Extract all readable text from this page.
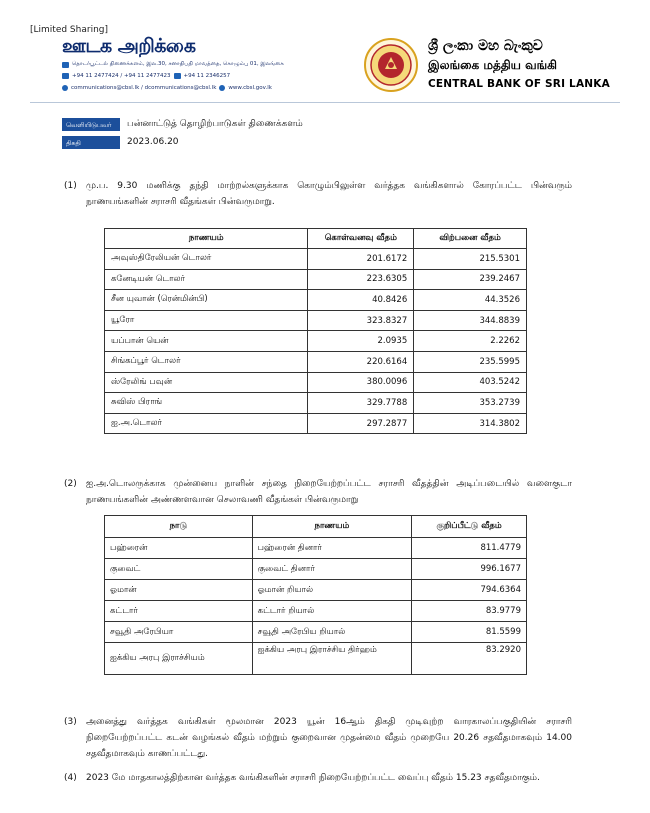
[Limited Sharing]
ஊடக அறிக்கை
தொடர்பூட்டல் திணைக்களம், இல.30, சனாதிபதி மாவத்தை, கொழும்பு 01, இலங்கை
+94 11 2477424 / +94 11 2477423 +94 11 2346257
communications@cbsl.lk / dcommunications@cbsl.lk www.cbsl.gov.lk
ශ්‍රී ලංකා මහ බැංකුව
இலங்கை மத்திய வங்கி
CENTRAL BANK OF SRI LANKA
வெளியிடுபவர்	பன்னாட்டுத் தொழிற்பாடுகள் திணைக்களம்
திகதி	2023.06.20
(1)	மு.ப. 9.30 மணிக்கு தந்தி மாற்றல்களுக்காக கொழும்பிலுள்ள வர்த்தக வங்கிகளால் கோரப்பட்ட பின்வரும் நாணயங்களின் சராசரி வீதங்கள் பின்வருமாறு.
நாணயம்	கொள்வனவு வீதம்	விற்பனை வீதம்
அவுஸ்திரேலியன் டொலர்	201.6172	215.5301
கனேடியன் டொலர்	223.6305	239.2467
சீன யுவான் (ரென்மின்பி)	40.8426	44.3526
யூரோ	323.8327	344.8839
யப்பான் யென்	2.0935	2.2262
சிங்கப்பூர் டொலர்	220.6164	235.5995
ஸ்ரேலிங் பவுன்	380.0096	403.5242
சுவிஸ் பிராங்	329.7788	353.2739
ஐ.அ.டொலர்	297.2877	314.3802
(2)	ஐ.அ.டொலருக்காக முன்னைய நாளின் சந்தை நிறையேற்றப்பட்ட சராசரி வீதத்தின் அடிப்படையில் வளைகுடா நாணயங்களின் அண்ணளவான செலாவணி வீதங்கள் பின்வருமாறு
நாடு	நாணயம்	குறிப்பீட்டு வீதம்
பஹ்ரைன்	பஹ்ரைன் தினார்	811.4779
குவைட்	குவைட் தினார்	996.1677
ஓமான்	ஓமான் றியால்	794.6364
கட்டார்	கட்டார் றியால்	83.9779
சவூதி அரேபியா	சவூதி அரேபிய றியால்	81.5599
ஐக்கிய அரபு இராச்சியம்	ஐக்கிய அரபு இராச்சிய திர்ஹம்	83.2920
(3)	அனைத்து வர்த்தக வங்கிகள் மூலமான 2023 யூன் 16ஆம் திகதி முடிவுற்ற வாரகாலப்பகுதியின் சராசரி நிறையேற்றப்பட்ட கடன் வழங்கல் வீதம் மற்றும் குறைவான முதன்மை வீதம் முறையே 20.26 சதவீதமாகவும் 14.00 சதவீதமாகவும் காணப்பட்டது.
(4)	2023 மே மாதகாலத்திற்கான வர்த்தக வங்கிகளின் சராசரி நிறையேற்றப்பட்ட வைப்பு வீதம் 15.23 சதவீதமாகும்.
